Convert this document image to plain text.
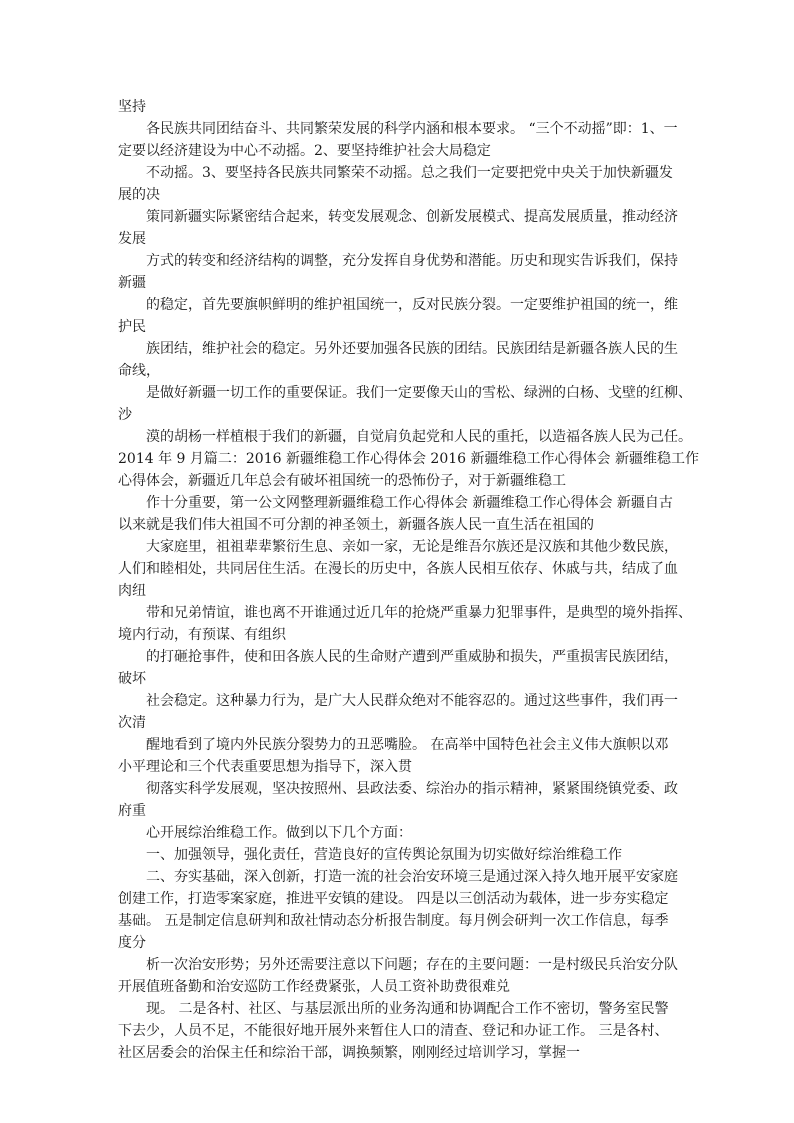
坚持
各民族共同团结奋斗、共同繁荣发展的科学内涵和根本要求。 “三个不动摇”即：1、一
定要以经济建设为中心不动摇。2、要坚持维护社会大局稳定
不动摇。3、要坚持各民族共同繁荣不动摇。总之我们一定要把党中央关于加快新疆发
展的决
策同新疆实际紧密结合起来，转变发展观念、创新发展模式、提高发展质量，推动经济
发展
方式的转变和经济结构的调整，充分发挥自身优势和潜能。历史和现实告诉我们，保持
新疆
的稳定，首先要旗帜鲜明的维护祖国统一，反对民族分裂。一定要维护祖国的统一，维
护民
族团结，维护社会的稳定。另外还要加强各民族的团结。民族团结是新疆各族人民的生
命线，
是做好新疆一切工作的重要保证。我们一定要像天山的雪松、绿洲的白杨、戈壁的红柳、
沙
漠的胡杨一样植根于我们的新疆，自觉肩负起党和人民的重托，以造福各族人民为己任。
2014 年 9 月篇二：2016 新疆维稳工作心得体会 2016 新疆维稳工作心得体会 新疆维稳工作
心得体会，新疆近几年总会有破坏祖国统一的恐怖份子，对于新疆维稳工
作十分重要，第一公文网整理新疆维稳工作心得体会 新疆维稳工作心得体会 新疆自古
以来就是我们伟大祖国不可分割的神圣领土，新疆各族人民一直生活在祖国的
大家庭里，祖祖辈辈繁衍生息、亲如一家，无论是维吾尔族还是汉族和其他少数民族，
人们和睦相处，共同居住生活。在漫长的历史中，各族人民相互依存、休戚与共，结成了血
肉纽
带和兄弟情谊，谁也离不开谁通过近几年的抢烧严重暴力犯罪事件，是典型的境外指挥、
境内行动，有预谋、有组织
的打砸抢事件，使和田各族人民的生命财产遭到严重威胁和损失，严重损害民族团结，
破坏
社会稳定。这种暴力行为，是广大人民群众绝对不能容忍的。通过这些事件，我们再一
次清
醒地看到了境内外民族分裂势力的丑恶嘴脸。 在高举中国特色社会主义伟大旗帜以邓
小平理论和三个代表重要思想为指导下，深入贯
彻落实科学发展观，坚决按照州、县政法委、综治办的指示精神，紧紧围绕镇党委、政
府重
心开展综治维稳工作。做到以下几个方面：
一、加强领导，强化责任，营造良好的宣传舆论氛围为切实做好综治维稳工作
二、夯实基础，深入创新，打造一流的社会治安环境三是通过深入持久地开展平安家庭
创建工作，打造零案家庭，推进平安镇的建设。 四是以三创活动为载体，进一步夯实稳定
基础。 五是制定信息研判和敌社情动态分析报告制度。每月例会研判一次工作信息，每季
度分
析一次治安形势；另外还需要注意以下问题；存在的主要问题：一是村级民兵治安分队
开展值班备勤和治安巡防工作经费紧张，人员工资补助费很难兑
现。 二是各村、社区、与基层派出所的业务沟通和协调配合工作不密切，警务室民警
下去少，人员不足，不能很好地开展外来暂住人口的清查、登记和办证工作。 三是各村、
社区居委会的治保主任和综治干部，调换频繁，刚刚经过培训学习，掌握一
